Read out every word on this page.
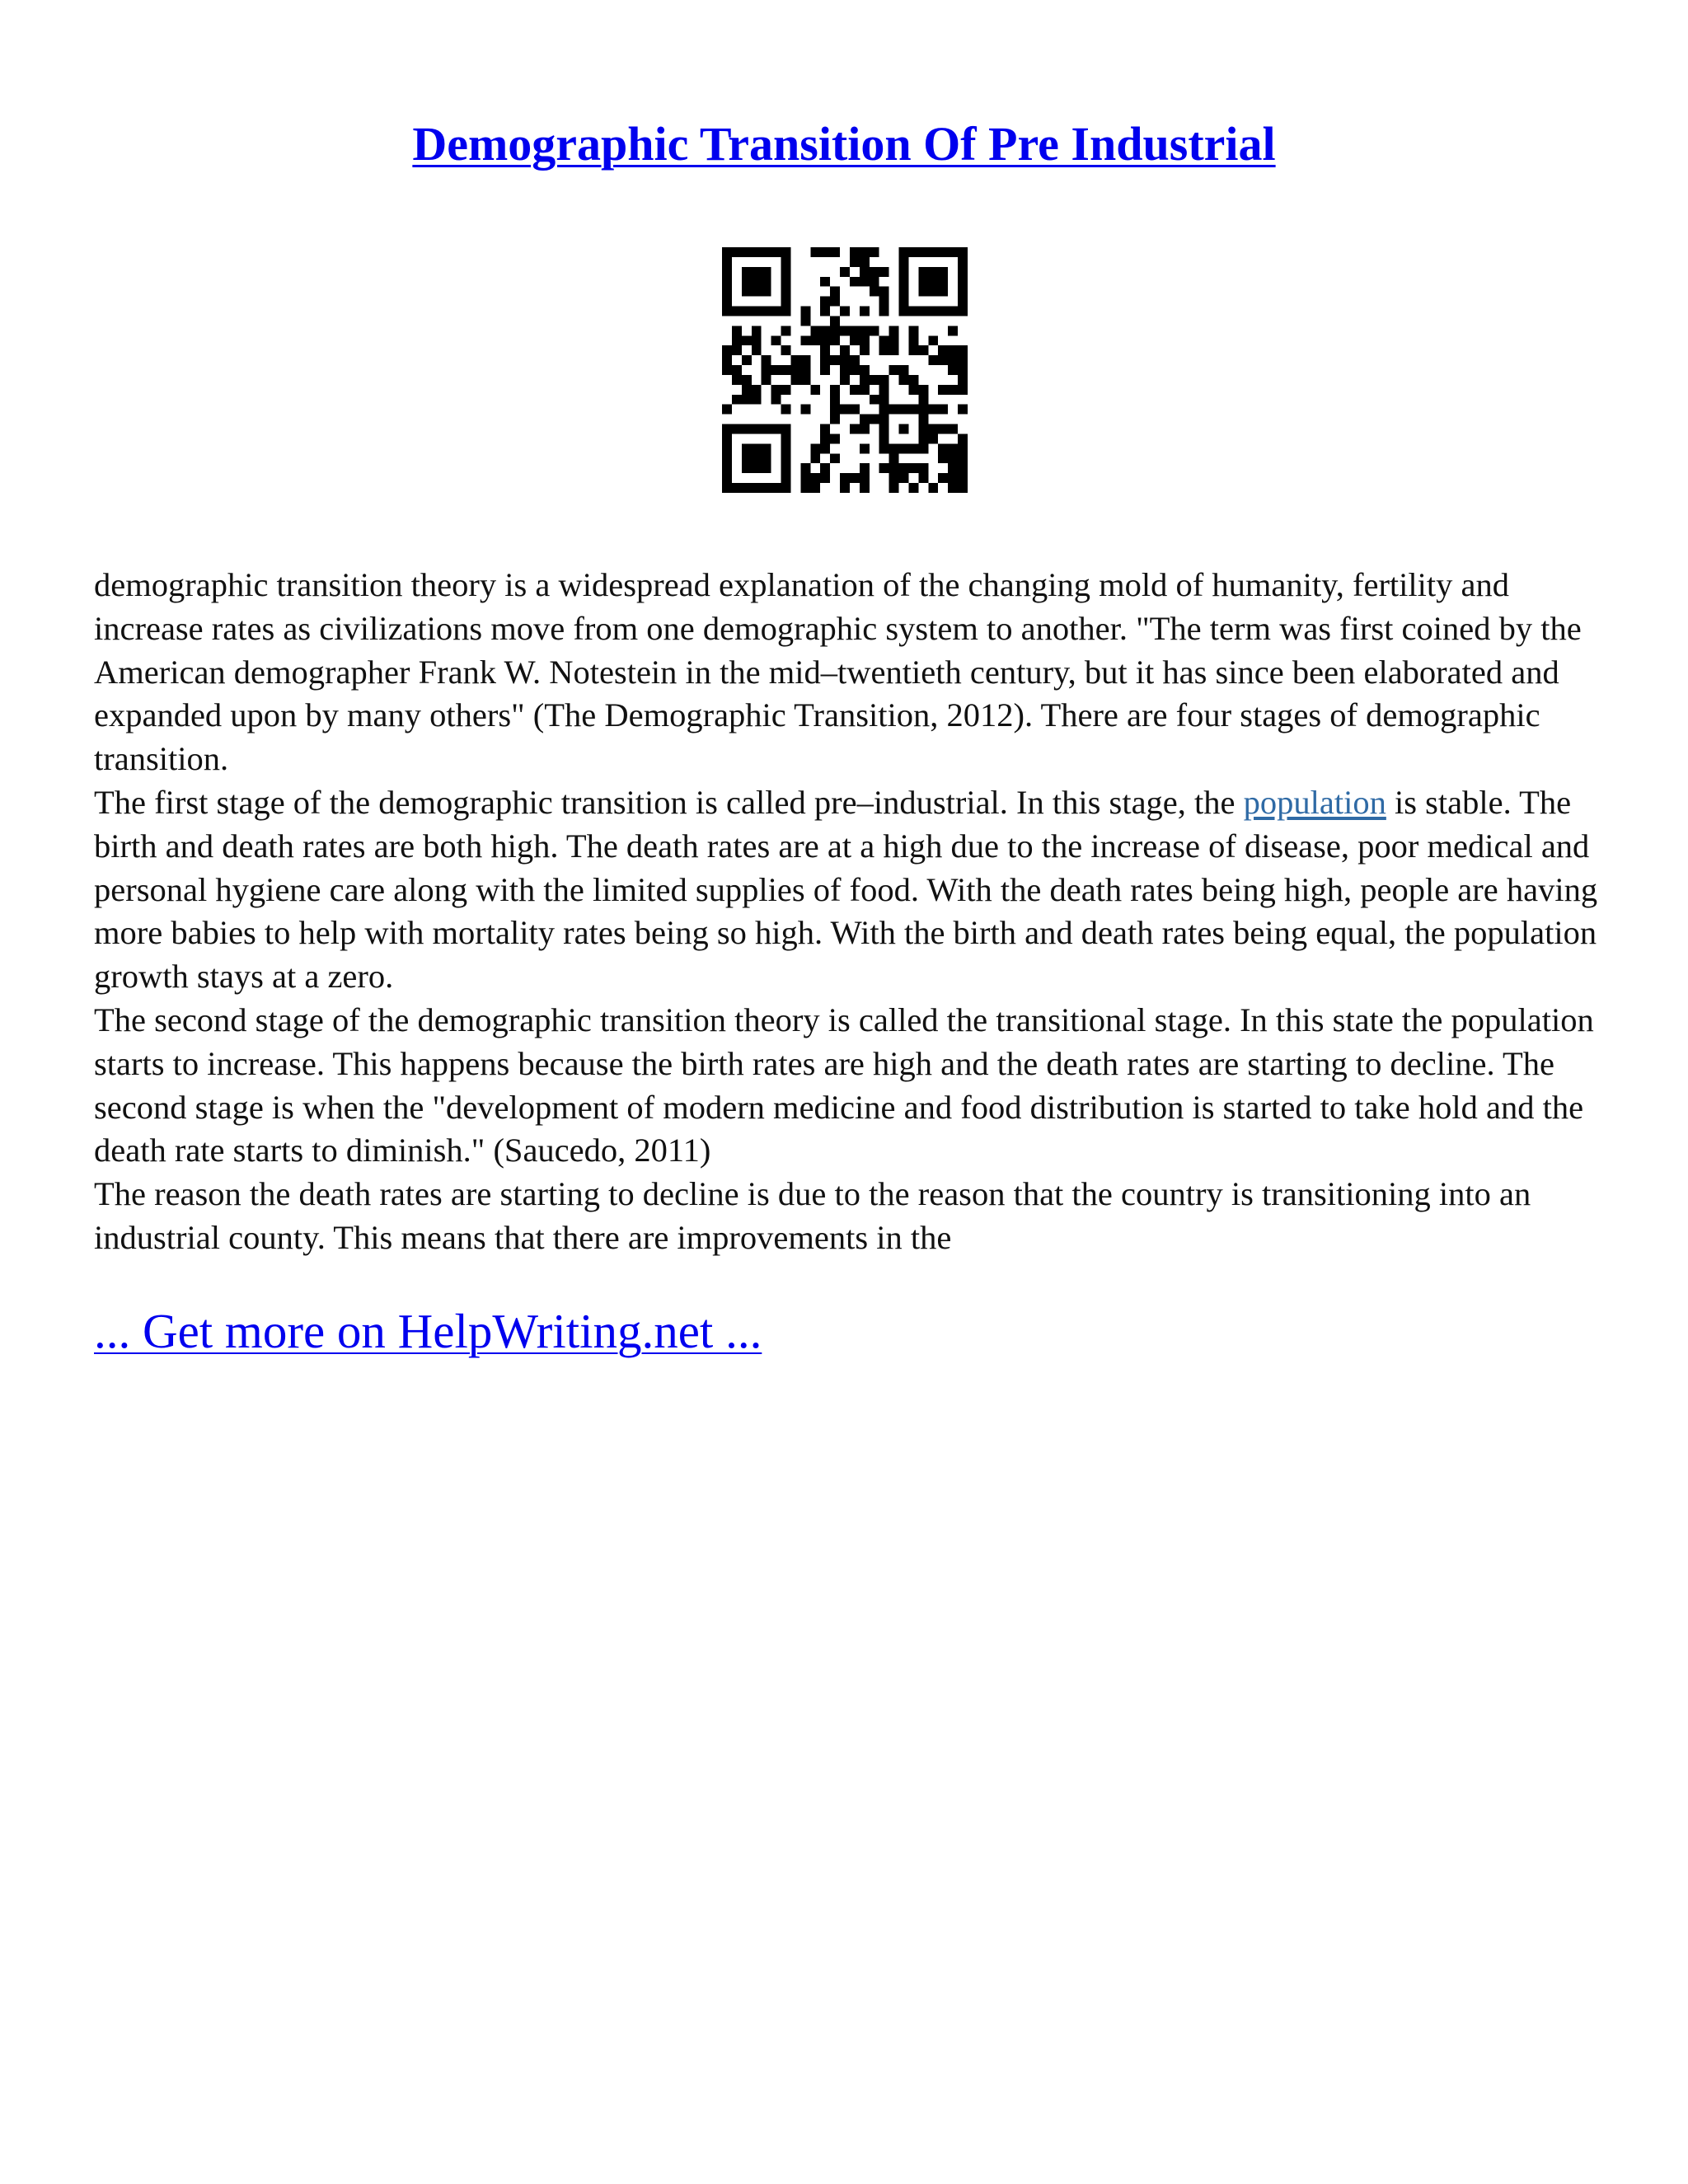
Demographic Transition Of Pre Industrial

demographic transition theory is a widespread explanation of the changing mold of humanity, fertility and increase rates as civilizations move from one demographic system to another. "The term was first coined by the American demographer Frank W. Notestein in the mid–twentieth century, but it has since been elaborated and expanded upon by many others" (The Demographic Transition, 2012). There are four stages of demographic transition.

The first stage of the demographic transition is called pre–industrial. In this stage, the population is stable. The birth and death rates are both high. The death rates are at a high due to the increase of disease, poor medical and personal hygiene care along with the limited supplies of food. With the death rates being high, people are having more babies to help with mortality rates being so high. With the birth and death rates being equal, the population growth stays at a zero.

The second stage of the demographic transition theory is called the transitional stage. In this state the population starts to increase. This happens because the birth rates are high and the death rates are starting to decline. The second stage is when the "development of modern medicine and food distribution is started to take hold and the death rate starts to diminish." (Saucedo, 2011)

The reason the death rates are starting to decline is due to the reason that the country is transitioning into an industrial county. This means that there are improvements in the

... Get more on HelpWriting.net ...
